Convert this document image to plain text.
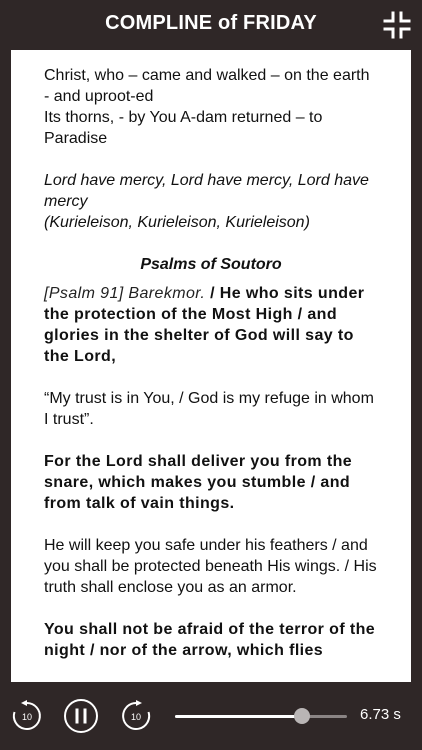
COMPLINE of FRIDAY

Christ, who – came and walked – on the earth - and uproot-ed
Its thorns, - by You A-dam returned – to Paradise

Lord have mercy, Lord have mercy, Lord have mercy
(Kurieleison, Kurieleison, Kurieleison)

Psalms of Soutoro

[Psalm 91] Barekmor. / He who sits under the protection of the Most High / and glories in the shelter of God will say to the Lord,

“My trust is in You, / God is my refuge in whom I trust”.

For the Lord shall deliver you from the snare, which makes you stumble / and from talk of vain things.

He will keep you safe under his feathers / and you shall be protected beneath His wings. / His truth shall enclose you as an armor.

You shall not be afraid of the terror of the night / nor of the arrow, which flies

10	10	6.73 s
